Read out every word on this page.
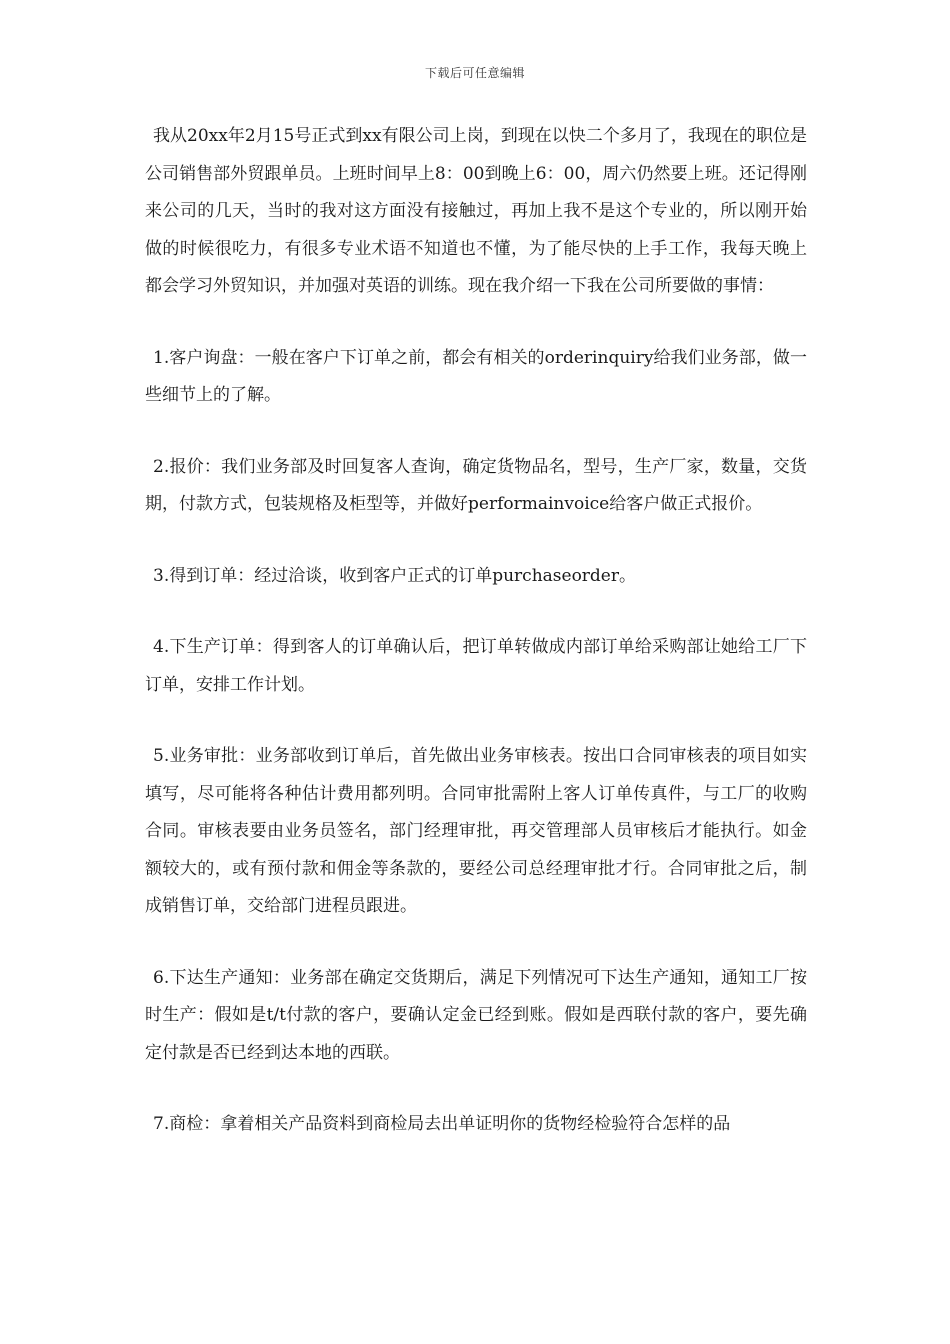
下载后可任意编辑

我从20xx年2月15号正式到xx有限公司上岗，到现在以快二个多月了，我现在的职位是公司销售部外贸跟单员。上班时间早上8：00到晚上6：00，周六仍然要上班。还记得刚来公司的几天，当时的我对这方面没有接触过，再加上我不是这个专业的，所以刚开始做的时候很吃力，有很多专业术语不知道也不懂，为了能尽快的上手工作，我每天晚上都会学习外贸知识，并加强对英语的训练。现在我介绍一下我在公司所要做的事情：

1.客户询盘：一般在客户下订单之前，都会有相关的orderinquiry给我们业务部，做一些细节上的了解。

2.报价：我们业务部及时回复客人查询，确定货物品名，型号，生产厂家，数量，交货期，付款方式，包装规格及柜型等，并做好performainvoice给客户做正式报价。

3.得到订单：经过洽谈，收到客户正式的订单purchaseorder。

4.下生产订单：得到客人的订单确认后，把订单转做成内部订单给采购部让她给工厂下订单，安排工作计划。

5.业务审批：业务部收到订单后，首先做出业务审核表。按出口合同审核表的项目如实填写，尽可能将各种估计费用都列明。合同审批需附上客人订单传真件，与工厂的收购合同。审核表要由业务员签名，部门经理审批，再交管理部人员审核后才能执行。如金额较大的，或有预付款和佣金等条款的，要经公司总经理审批才行。合同审批之后，制成销售订单，交给部门进程员跟进。

6.下达生产通知：业务部在确定交货期后，满足下列情况可下达生产通知，通知工厂按时生产：假如是t/t付款的客户，要确认定金已经到账。假如是西联付款的客户，要先确定付款是否已经到达本地的西联。

7.商检：拿着相关产品资料到商检局去出单证明你的货物经检验符合怎样的品
